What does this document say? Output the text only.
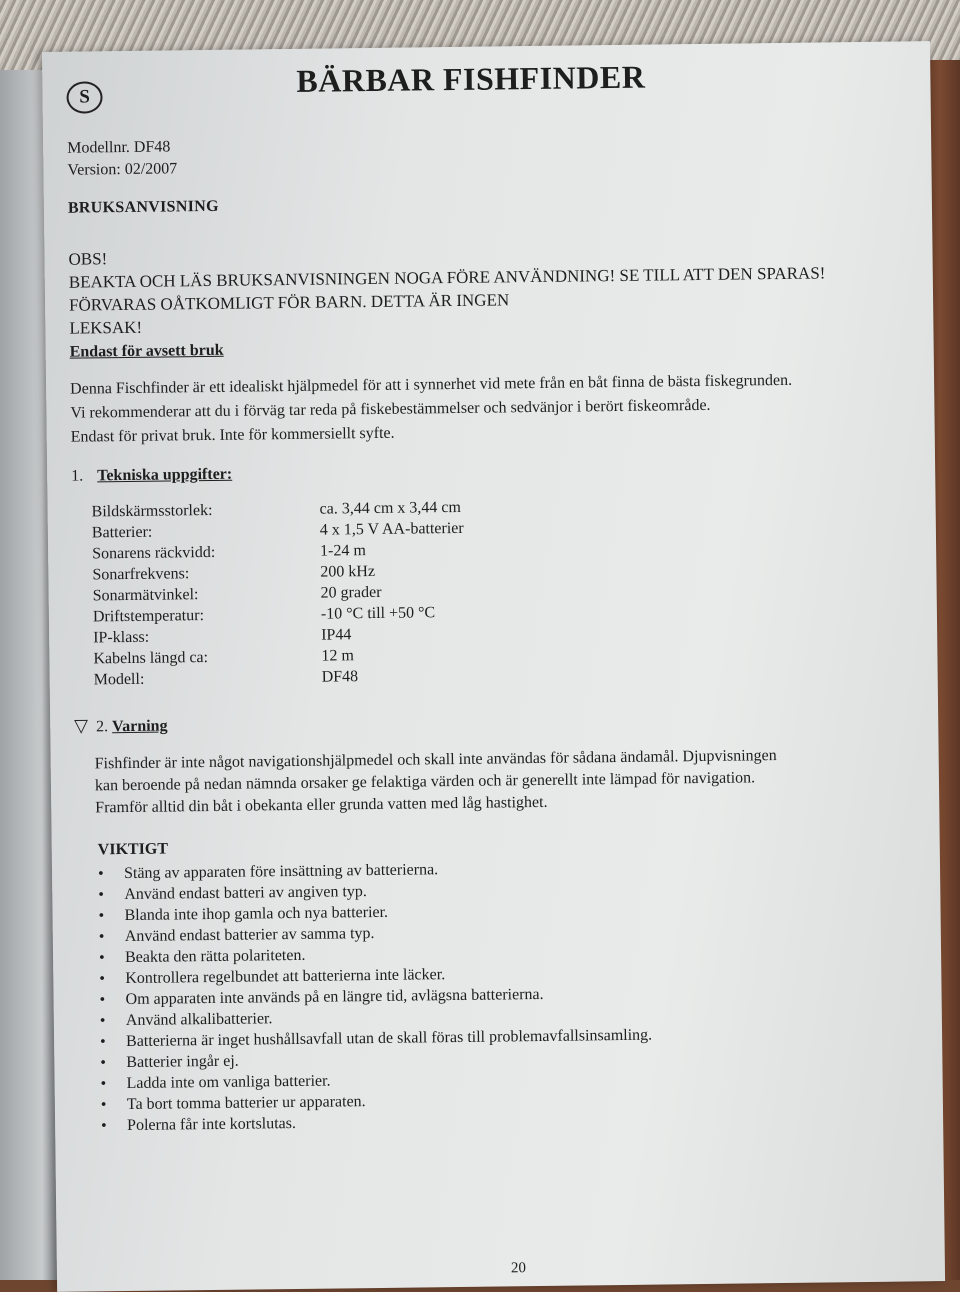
S	BÄRBAR FISHFINDER
Modellnr. DF48
Version: 02/2007
BRUKSANVISNING
OBS!
BEAKTA OCH LÄS BRUKSANVISNINGEN NOGA FÖRE ANVÄNDNING! SE TILL ATT DEN SPARAS!
FÖRVARAS OÅTKOMLIGT FÖR BARN. DETTA ÄR INGEN
LEKSAK!
Endast för avsett bruk
Denna Fischfinder är ett idealiskt hjälpmedel för att i synnerhet vid mete från en båt finna de bästa fiskegrunden.
Vi rekommenderar att du i förväg tar reda på fiskebestämmelser och sedvänjor i berört fiskeområde.
Endast för privat bruk. Inte för kommersiellt syfte.
1. Tekniska uppgifter:
Bildskärmsstorlek:	ca. 3,44 cm x 3,44 cm
Batterier:	4 x 1,5 V AA-batterier
Sonarens räckvidd:	1-24 m
Sonarfrekvens:	200 kHz
Sonarmätvinkel:	20 grader
Driftstemperatur:	-10 °C till +50 °C
IP-klass:	IP44
Kabelns längd ca:	12 m
Modell:	DF48
▽ 2. Varning
Fishfinder är inte något navigationshjälpmedel och skall inte användas för sådana ändamål. Djupvisningen
kan beroende på nedan nämnda orsaker ge felaktiga värden och är generellt inte lämpad för navigation.
Framför alltid din båt i obekanta eller grunda vatten med låg hastighet.
VIKTIGT
• Stäng av apparaten före insättning av batterierna.
• Använd endast batteri av angiven typ.
• Blanda inte ihop gamla och nya batterier.
• Använd endast batterier av samma typ.
• Beakta den rätta polariteten.
• Kontrollera regelbundet att batterierna inte läcker.
• Om apparaten inte används på en längre tid, avlägsna batterierna.
• Använd alkalibatterier.
• Batterierna är inget hushållsavfall utan de skall föras till problemavfallsinsamling.
• Batterier ingår ej.
• Ladda inte om vanliga batterier.
• Ta bort tomma batterier ur apparaten.
• Polerna får inte kortslutas.
20
